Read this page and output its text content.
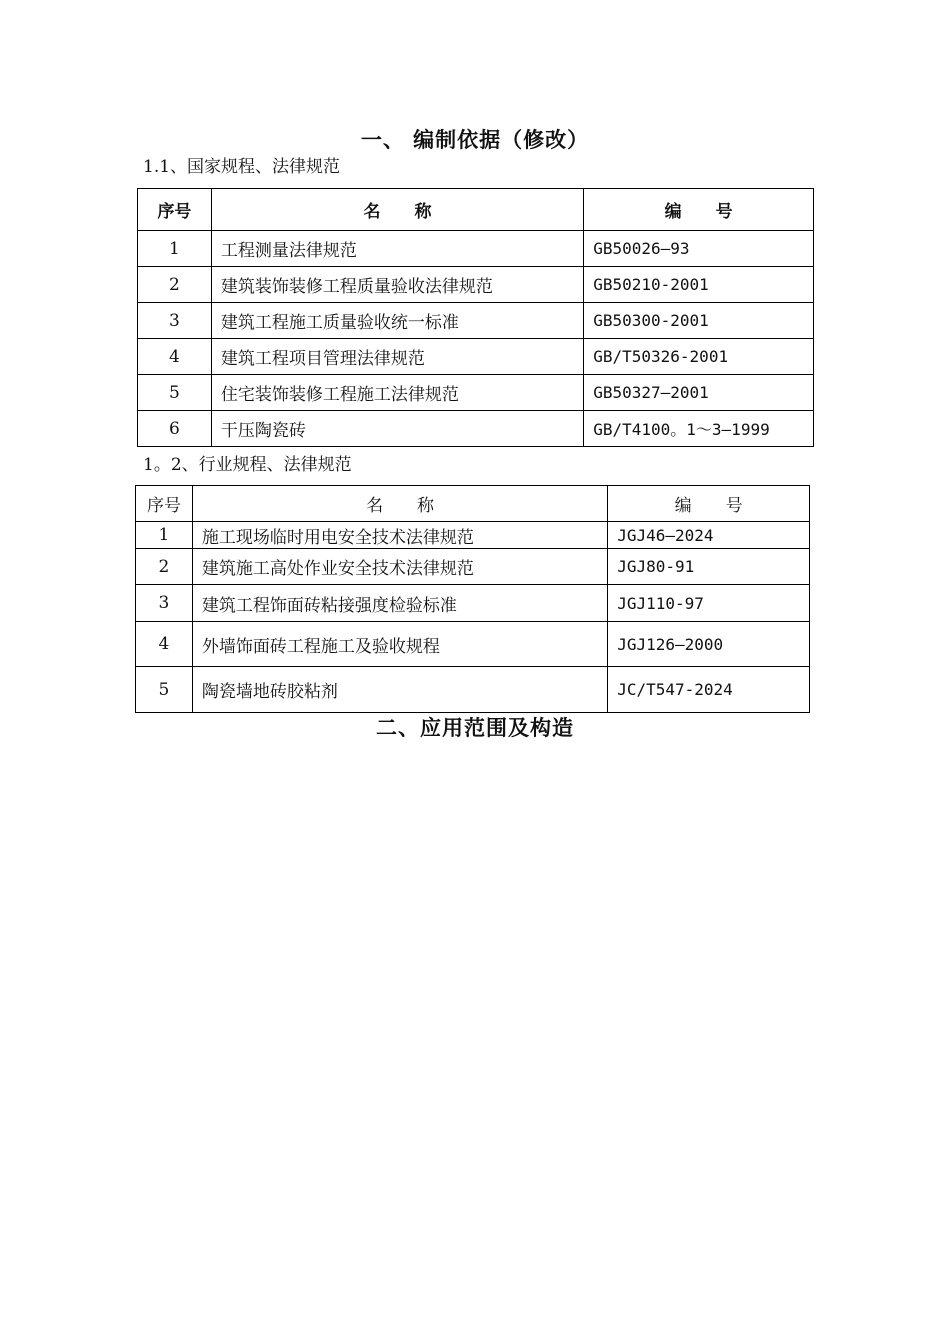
一、 编制依据（修改）
1.1、国家规程、法律规范
序号	名　　称	编　　号
1	工程测量法律规范	GB50026—93
2	建筑装饰装修工程质量验收法律规范	GB50210-2001
3	建筑工程施工质量验收统一标准	GB50300-2001
4	建筑工程项目管理法律规范	GB/T50326-2001
5	住宅装饰装修工程施工法律规范	GB50327—2001
6	干压陶瓷砖	GB/T4100。1～3—1999
1。2、行业规程、法律规范
序号	名　　称	编　　号
1	施工现场临时用电安全技术法律规范	JGJ46—2024
2	建筑施工高处作业安全技术法律规范	JGJ80-91
3	建筑工程饰面砖粘接强度检验标准	JGJ110-97
4	外墙饰面砖工程施工及验收规程	JGJ126—2000
5	陶瓷墙地砖胶粘剂	JC/T547-2024
二、应用范围及构造
